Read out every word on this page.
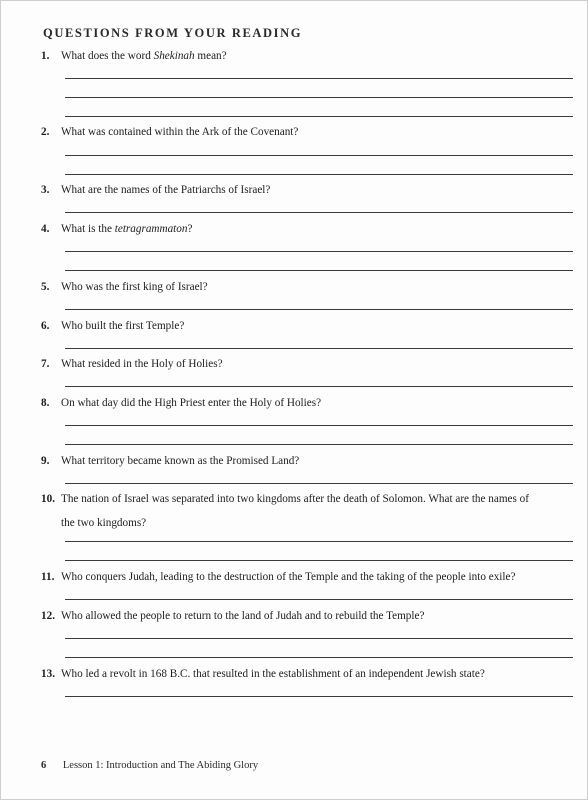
QUESTIONS FROM YOUR READING
1.	What does the word Shekinah mean?
2.	What was contained within the Ark of the Covenant?
3.	What are the names of the Patriarchs of Israel?
4.	What is the tetragrammaton?
5.	Who was the first king of Israel?
6.	Who built the first Temple?
7.	What resided in the Holy of Holies?
8.	On what day did the High Priest enter the Holy of Holies?
9.	What territory became known as the Promised Land?
10. The nation of Israel was separated into two kingdoms after the death of Solomon. What are the names of
the two kingdoms?
11. Who conquers Judah, leading to the destruction of the Temple and the taking of the people into exile?
12. Who allowed the people to return to the land of Judah and to rebuild the Temple?
13. Who led a revolt in 168 B.C. that resulted in the establishment of an independent Jewish state?
6 Lesson 1: Introduction and The Abiding Glory
